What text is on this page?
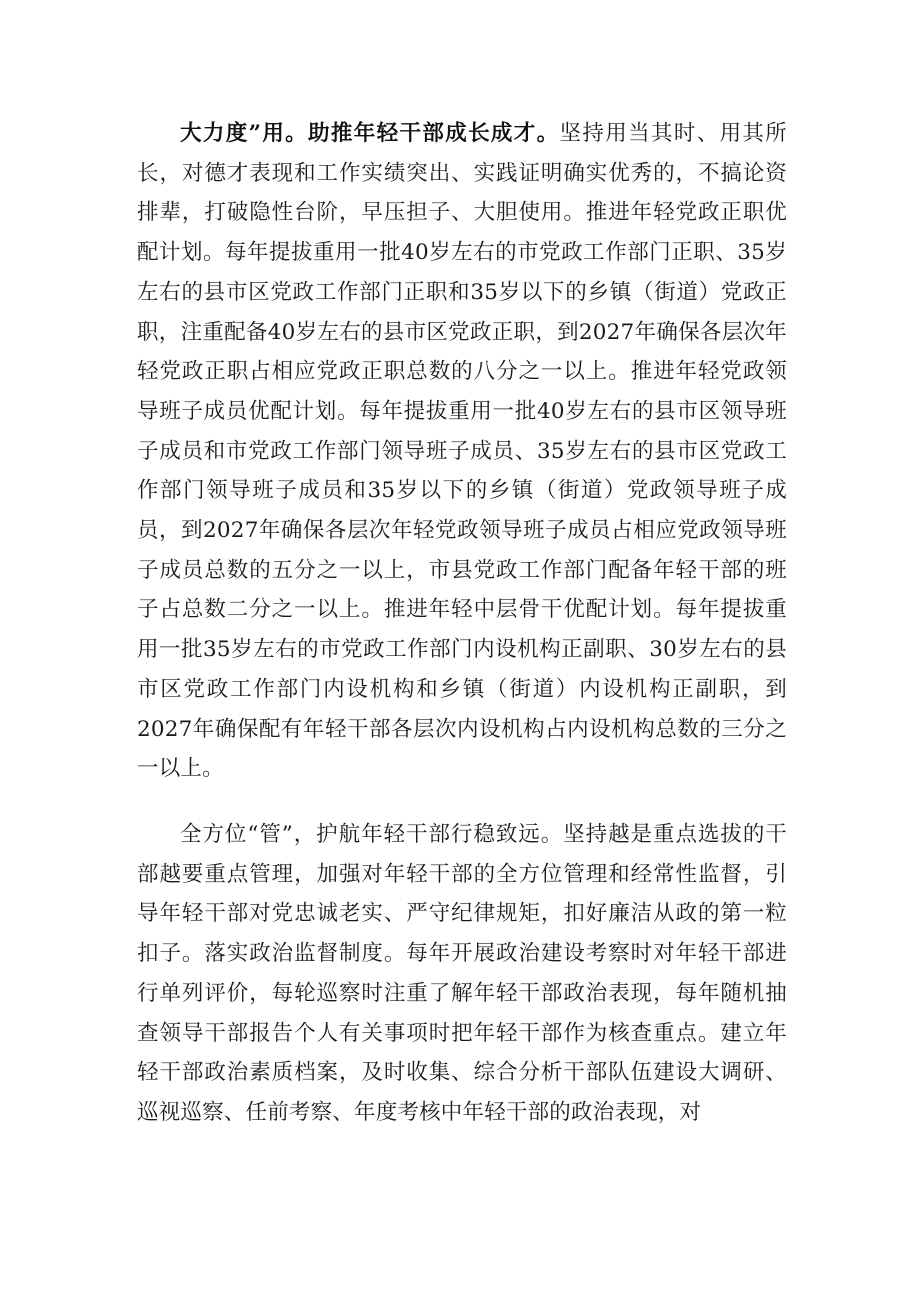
大力度”用。助推年轻干部成长成才。坚持用当其时、用其所长，对德才表现和工作实绩突出、实践证明确实优秀的，不搞论资排辈，打破隐性台阶，早压担子、大胆使用。推进年轻党政正职优配计划。每年提拔重用一批40岁左右的市党政工作部门正职、35岁左右的县市区党政工作部门正职和35岁以下的乡镇（街道）党政正职，注重配备40岁左右的县市区党政正职，到2027年确保各层次年轻党政正职占相应党政正职总数的八分之一以上。推进年轻党政领导班子成员优配计划。每年提拔重用一批40岁左右的县市区领导班子成员和市党政工作部门领导班子成员、35岁左右的县市区党政工作部门领导班子成员和35岁以下的乡镇（街道）党政领导班子成员，到2027年确保各层次年轻党政领导班子成员占相应党政领导班子成员总数的五分之一以上，市县党政工作部门配备年轻干部的班子占总数二分之一以上。推进年轻中层骨干优配计划。每年提拔重用一批35岁左右的市党政工作部门内设机构正副职、30岁左右的县市区党政工作部门内设机构和乡镇（街道）内设机构正副职，到2027年确保配有年轻干部各层次内设机构占内设机构总数的三分之一以上。

全方位“管”，护航年轻干部行稳致远。坚持越是重点选拔的干部越要重点管理，加强对年轻干部的全方位管理和经常性监督，引导年轻干部对党忠诚老实、严守纪律规矩，扣好廉洁从政的第一粒扣子。落实政治监督制度。每年开展政治建设考察时对年轻干部进行单列评价，每轮巡察时注重了解年轻干部政治表现，每年随机抽查领导干部报告个人有关事项时把年轻干部作为核查重点。建立年轻干部政治素质档案，及时收集、综合分析干部队伍建设大调研、巡视巡察、任前考察、年度考核中年轻干部的政治表现，对
